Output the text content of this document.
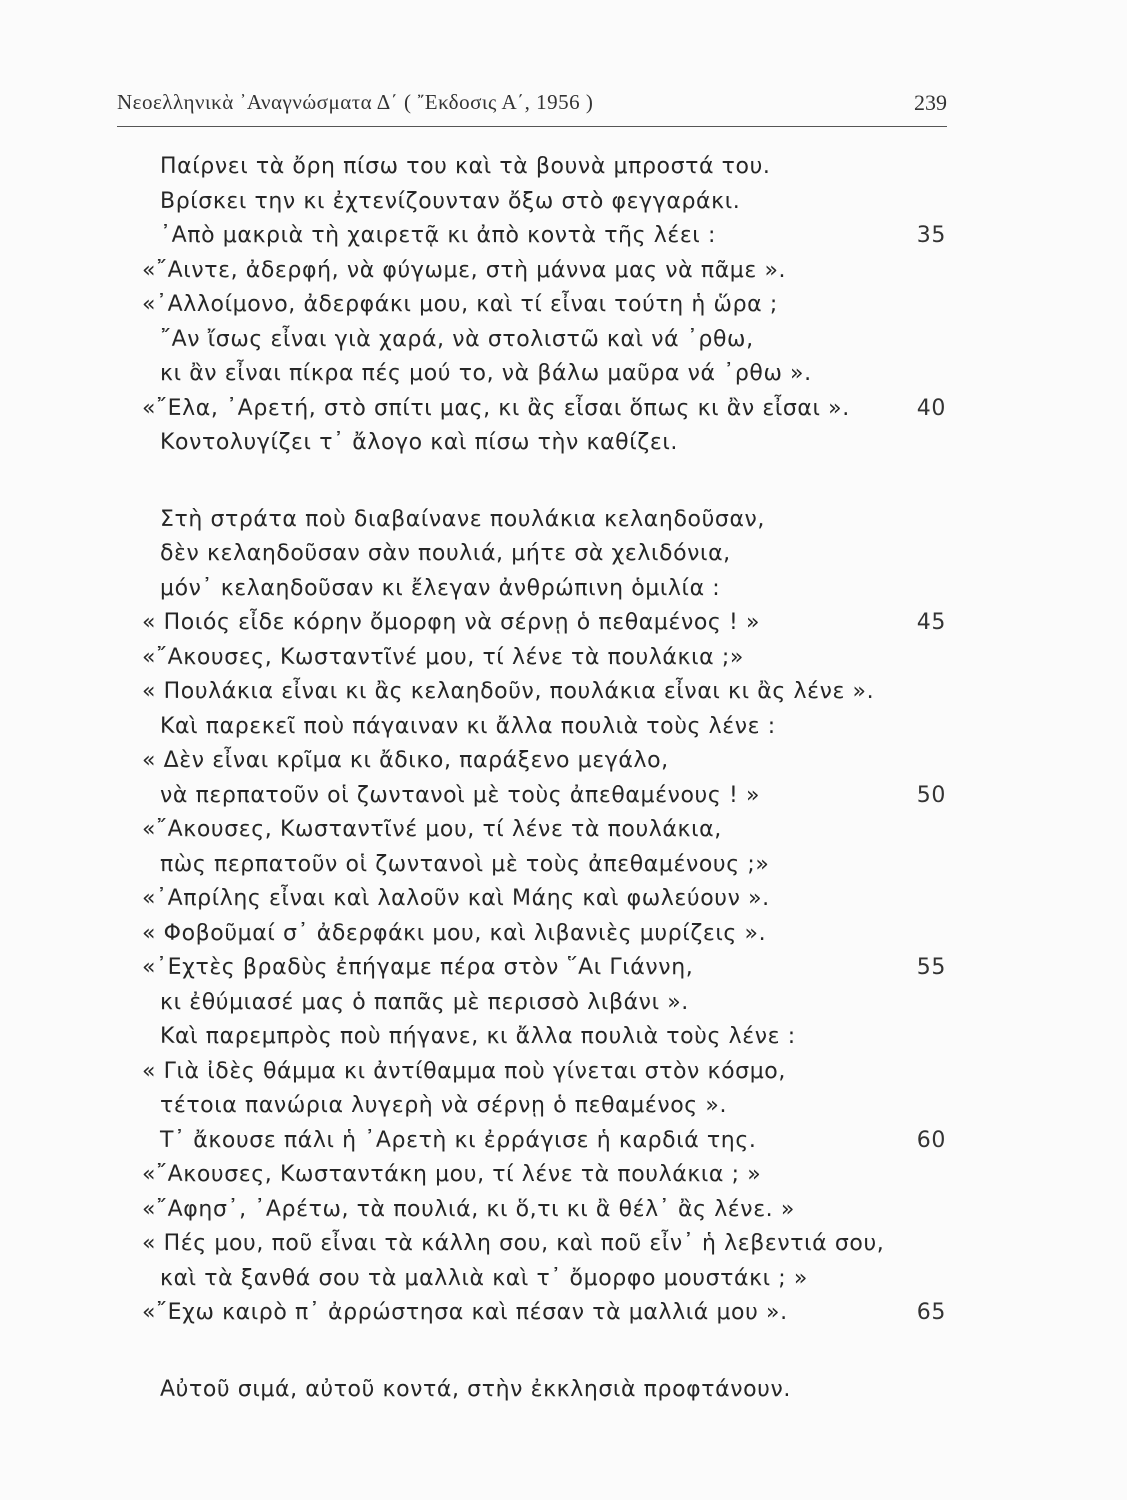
Νεοελληνικὰ ᾿Αναγνώσματα Δ΄ ( ῎Εκδοσις Α΄, 1956 )	239
Παίρνει τὰ ὄρη πίσω του καὶ τὰ βουνὰ μπροστά του.
Βρίσκει την κι ἐχτενίζουνταν ὄξω στὸ φεγγαράκι.
᾿Απὸ μακριὰ τὴ χαιρετᾷ κι ἀπὸ κοντὰ τῆς λέει :	35
«῎Αιντε, ἀδερφή, νὰ φύγωμε, στὴ μάννα μας νὰ πᾶμε ».
«᾿Αλλοίμονο, ἀδερφάκι μου, καὶ τί εἶναι τούτη ἡ ὥρα ;
῎Αν ἴσως εἶναι γιὰ χαρά, νὰ στολιστῶ καὶ νά ᾿ρθω,
κι ἂν εἶναι πίκρα πές μού το, νὰ βάλω μαῦρα νά ᾿ρθω ».
«῎Ελα, ᾿Αρετή, στὸ σπίτι μας, κι ἂς εἶσαι ὅπως κι ἂν εἶσαι ».	40
Κοντολυγίζει τ᾿ ἄλογο καὶ πίσω τὴν καθίζει.
Στὴ στράτα ποὺ διαβαίνανε πουλάκια κελαηδοῦσαν,
δὲν κελαηδοῦσαν σὰν πουλιά, μήτε σὰ χελιδόνια,
μόν᾿ κελαηδοῦσαν κι ἔλεγαν ἀνθρώπινη ὁμιλία :
« Ποιός εἶδε κόρην ὄμορφη νὰ σέρνῃ ὁ πεθαμένος ! »	45
«῎Ακουσες, Κωσταντῖνέ μου, τί λένε τὰ πουλάκια ;»
« Πουλάκια εἶναι κι ἂς κελαηδοῦν, πουλάκια εἶναι κι ἂς λένε ».
Καὶ παρεκεῖ ποὺ πάγαιναν κι ἄλλα πουλιὰ τοὺς λένε :
« Δὲν εἶναι κρῖμα κι ἄδικο, παράξενο μεγάλο,
νὰ περπατοῦν οἱ ζωντανοὶ μὲ τοὺς ἀπεθαμένους ! »	50
«῎Ακουσες, Κωσταντῖνέ μου, τί λένε τὰ πουλάκια,
πὼς περπατοῦν οἱ ζωντανοὶ μὲ τοὺς ἀπεθαμένους ;»
«᾿Απρίλης εἶναι καὶ λαλοῦν καὶ Μάης καὶ φωλεύουν ».
« Φοβοῦμαί σ᾿ ἀδερφάκι μου, καὶ λιβανιὲς μυρίζεις ».
«᾿Εχτὲς βραδὺς ἐπήγαμε πέρα στὸν ῞Αι Γιάννη,	55
κι ἐθύμιασέ μας ὁ παπᾶς μὲ περισσὸ λιβάνι ».
Καὶ παρεμπρὸς ποὺ πήγανε, κι ἄλλα πουλιὰ τοὺς λένε :
« Γιὰ ἰδὲς θάμμα κι ἀντίθαμμα ποὺ γίνεται στὸν κόσμο,
τέτοια πανώρια λυγερὴ νὰ σέρνῃ ὁ πεθαμένος ».
Τ᾿ ἄκουσε πάλι ἡ ᾿Αρετὴ κι ἐρράγισε ἡ καρδιά της.	60
«῎Ακουσες, Κωσταντάκη μου, τί λένε τὰ πουλάκια ; »
«῎Αφησ᾿, ᾿Αρέτω, τὰ πουλιά, κι ὅ,τι κι ἂ θέλ᾿ ἂς λένε. »
« Πές μου, ποῦ εἶναι τὰ κάλλη σου, καὶ ποῦ εἶν᾿ ἡ λεβεντιά σου,
καὶ τὰ ξανθά σου τὰ μαλλιὰ καὶ τ᾿ ὄμορφο μουστάκι ; »
«῎Εχω καιρὸ π᾿ ἀρρώστησα καὶ πέσαν τὰ μαλλιά μου ».	65
Αὐτοῦ σιμά, αὐτοῦ κοντά, στὴν ἐκκλησιὰ προφτάνουν.
